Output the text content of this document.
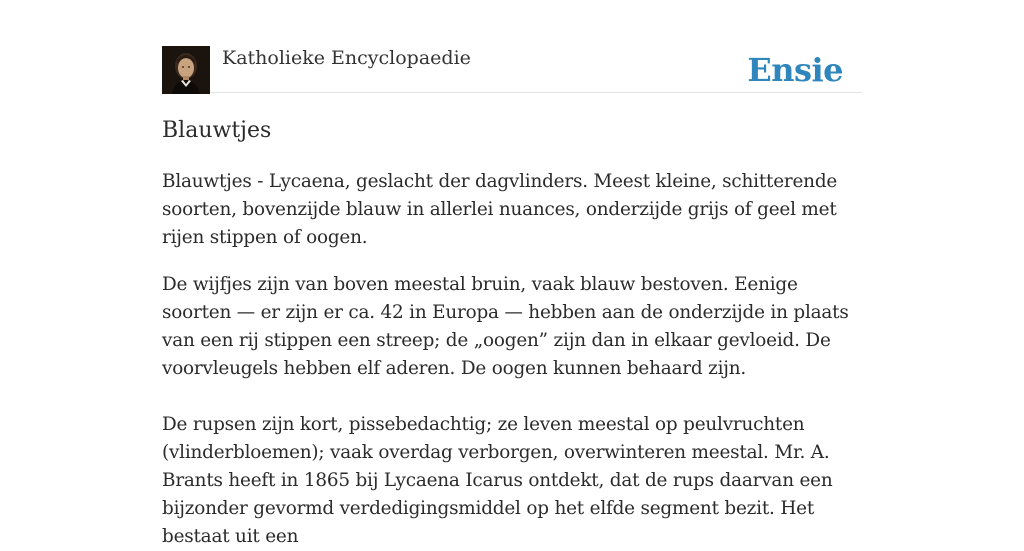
Katholieke Encyclopaedie	Ensie
Blauwtjes

Blauwtjes - Lycaena, geslacht der dagvlinders. Meest kleine, schitterende soorten, bovenzijde blauw in allerlei nuances, onderzijde grijs of geel met rijen stippen of oogen.

De wijfjes zijn van boven meestal bruin, vaak blauw bestoven. Eenige soorten — er zijn er ca. 42 in Europa — hebben aan de onderzijde in plaats van een rij stippen een streep; de „oogen” zijn dan in elkaar gevloeid. De voorvleugels hebben elf aderen. De oogen kunnen behaard zijn.

De rupsen zijn kort, pissebedachtig; ze leven meestal op peulvruchten (vlinderbloemen); vaak overdag verborgen, overwinteren meestal. Mr. A. Brants heeft in 1865 bij Lycaena Icarus ontdekt, dat de rups daarvan een bijzonder gevormd verdedigingsmiddel op het elfde segment bezit. Het bestaat uit een
